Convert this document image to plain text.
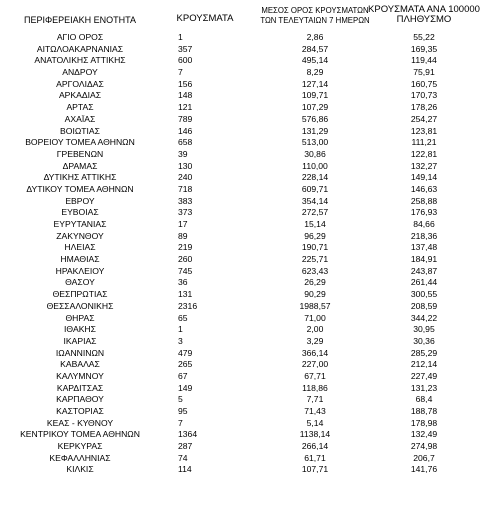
ΠΕΡΙΦΕΡΕΙΑΚΗ ΕΝΟΤΗΤΑ	ΚΡΟΥΣΜΑΤΑ
ΜΕΣΟΣ ΟΡΟΣ ΚΡΟΥΣΜΑΤΩΝ
ΤΩΝ ΤΕΛΕΥΤΑΙΩΝ 7 ΗΜΕΡΩΝ
ΚΡΟΥΣΜΑΤΑ ΑΝΑ 100000
ΠΛΗΘΥΣΜΟ
ΑΓΙΟ ΟΡΟΣ	1	2,86	55,22
ΑΙΤΩΛΟΑΚΑΡΝΑΝΙΑΣ	357	284,57	169,35
ΑΝΑΤΟΛΙΚΗΣ ΑΤΤΙΚΗΣ	600	495,14	119,44
ΑΝΔΡΟΥ	7	8,29	75,91
ΑΡΓΟΛΙΔΑΣ	156	127,14	160,75
ΑΡΚΑΔΙΑΣ	148	109,71	170,73
ΑΡΤΑΣ	121	107,29	178,26
ΑΧΑΪΑΣ	789	576,86	254,27
ΒΟΙΩΤΙΑΣ	146	131,29	123,81
ΒΟΡΕΙΟΥ ΤΟΜΕΑ ΑΘΗΝΩΝ	658	513,00	111,21
ΓΡΕΒΕΝΩΝ	39	30,86	122,81
ΔΡΑΜΑΣ	130	110,00	132,27
ΔΥΤΙΚΗΣ ΑΤΤΙΚΗΣ	240	228,14	149,14
ΔΥΤΙΚΟΥ ΤΟΜΕΑ ΑΘΗΝΩΝ	718	609,71	146,63
ΕΒΡΟΥ	383	354,14	258,88
ΕΥΒΟΙΑΣ	373	272,57	176,93
ΕΥΡΥΤΑΝΙΑΣ	17	15,14	84,66
ΖΑΚΥΝΘΟΥ	89	96,29	218,36
ΗΛΕΙΑΣ	219	190,71	137,48
ΗΜΑΘΙΑΣ	260	225,71	184,91
ΗΡΑΚΛΕΙΟΥ	745	623,43	243,87
ΘΑΣΟΥ	36	26,29	261,44
ΘΕΣΠΡΩΤΙΑΣ	131	90,29	300,55
ΘΕΣΣΑΛΟΝΙΚΗΣ	2316	1988,57	208,59
ΘΗΡΑΣ	65	71,00	344,22
ΙΘΑΚΗΣ	1	2,00	30,95
ΙΚΑΡΙΑΣ	3	3,29	30,36
ΙΩΑΝΝΙΝΩΝ	479	366,14	285,29
ΚΑΒΑΛΑΣ	265	227,00	212,14
ΚΑΛΥΜΝΟΥ	67	67,71	227,49
ΚΑΡΔΙΤΣΑΣ	149	118,86	131,23
ΚΑΡΠΑΘΟΥ	5	7,71	68,4
ΚΑΣΤΟΡΙΑΣ	95	71,43	188,78
ΚΕΑΣ - ΚΥΘΝΟΥ	7	5,14	178,98
ΚΕΝΤΡΙΚΟΥ ΤΟΜΕΑ ΑΘΗΝΩΝ	1364	1138,14	132,49
ΚΕΡΚΥΡΑΣ	287	266,14	274,98
ΚΕΦΑΛΛΗΝΙΑΣ	74	61,71	206,7
ΚΙΛΚΙΣ	114	107,71	141,76
